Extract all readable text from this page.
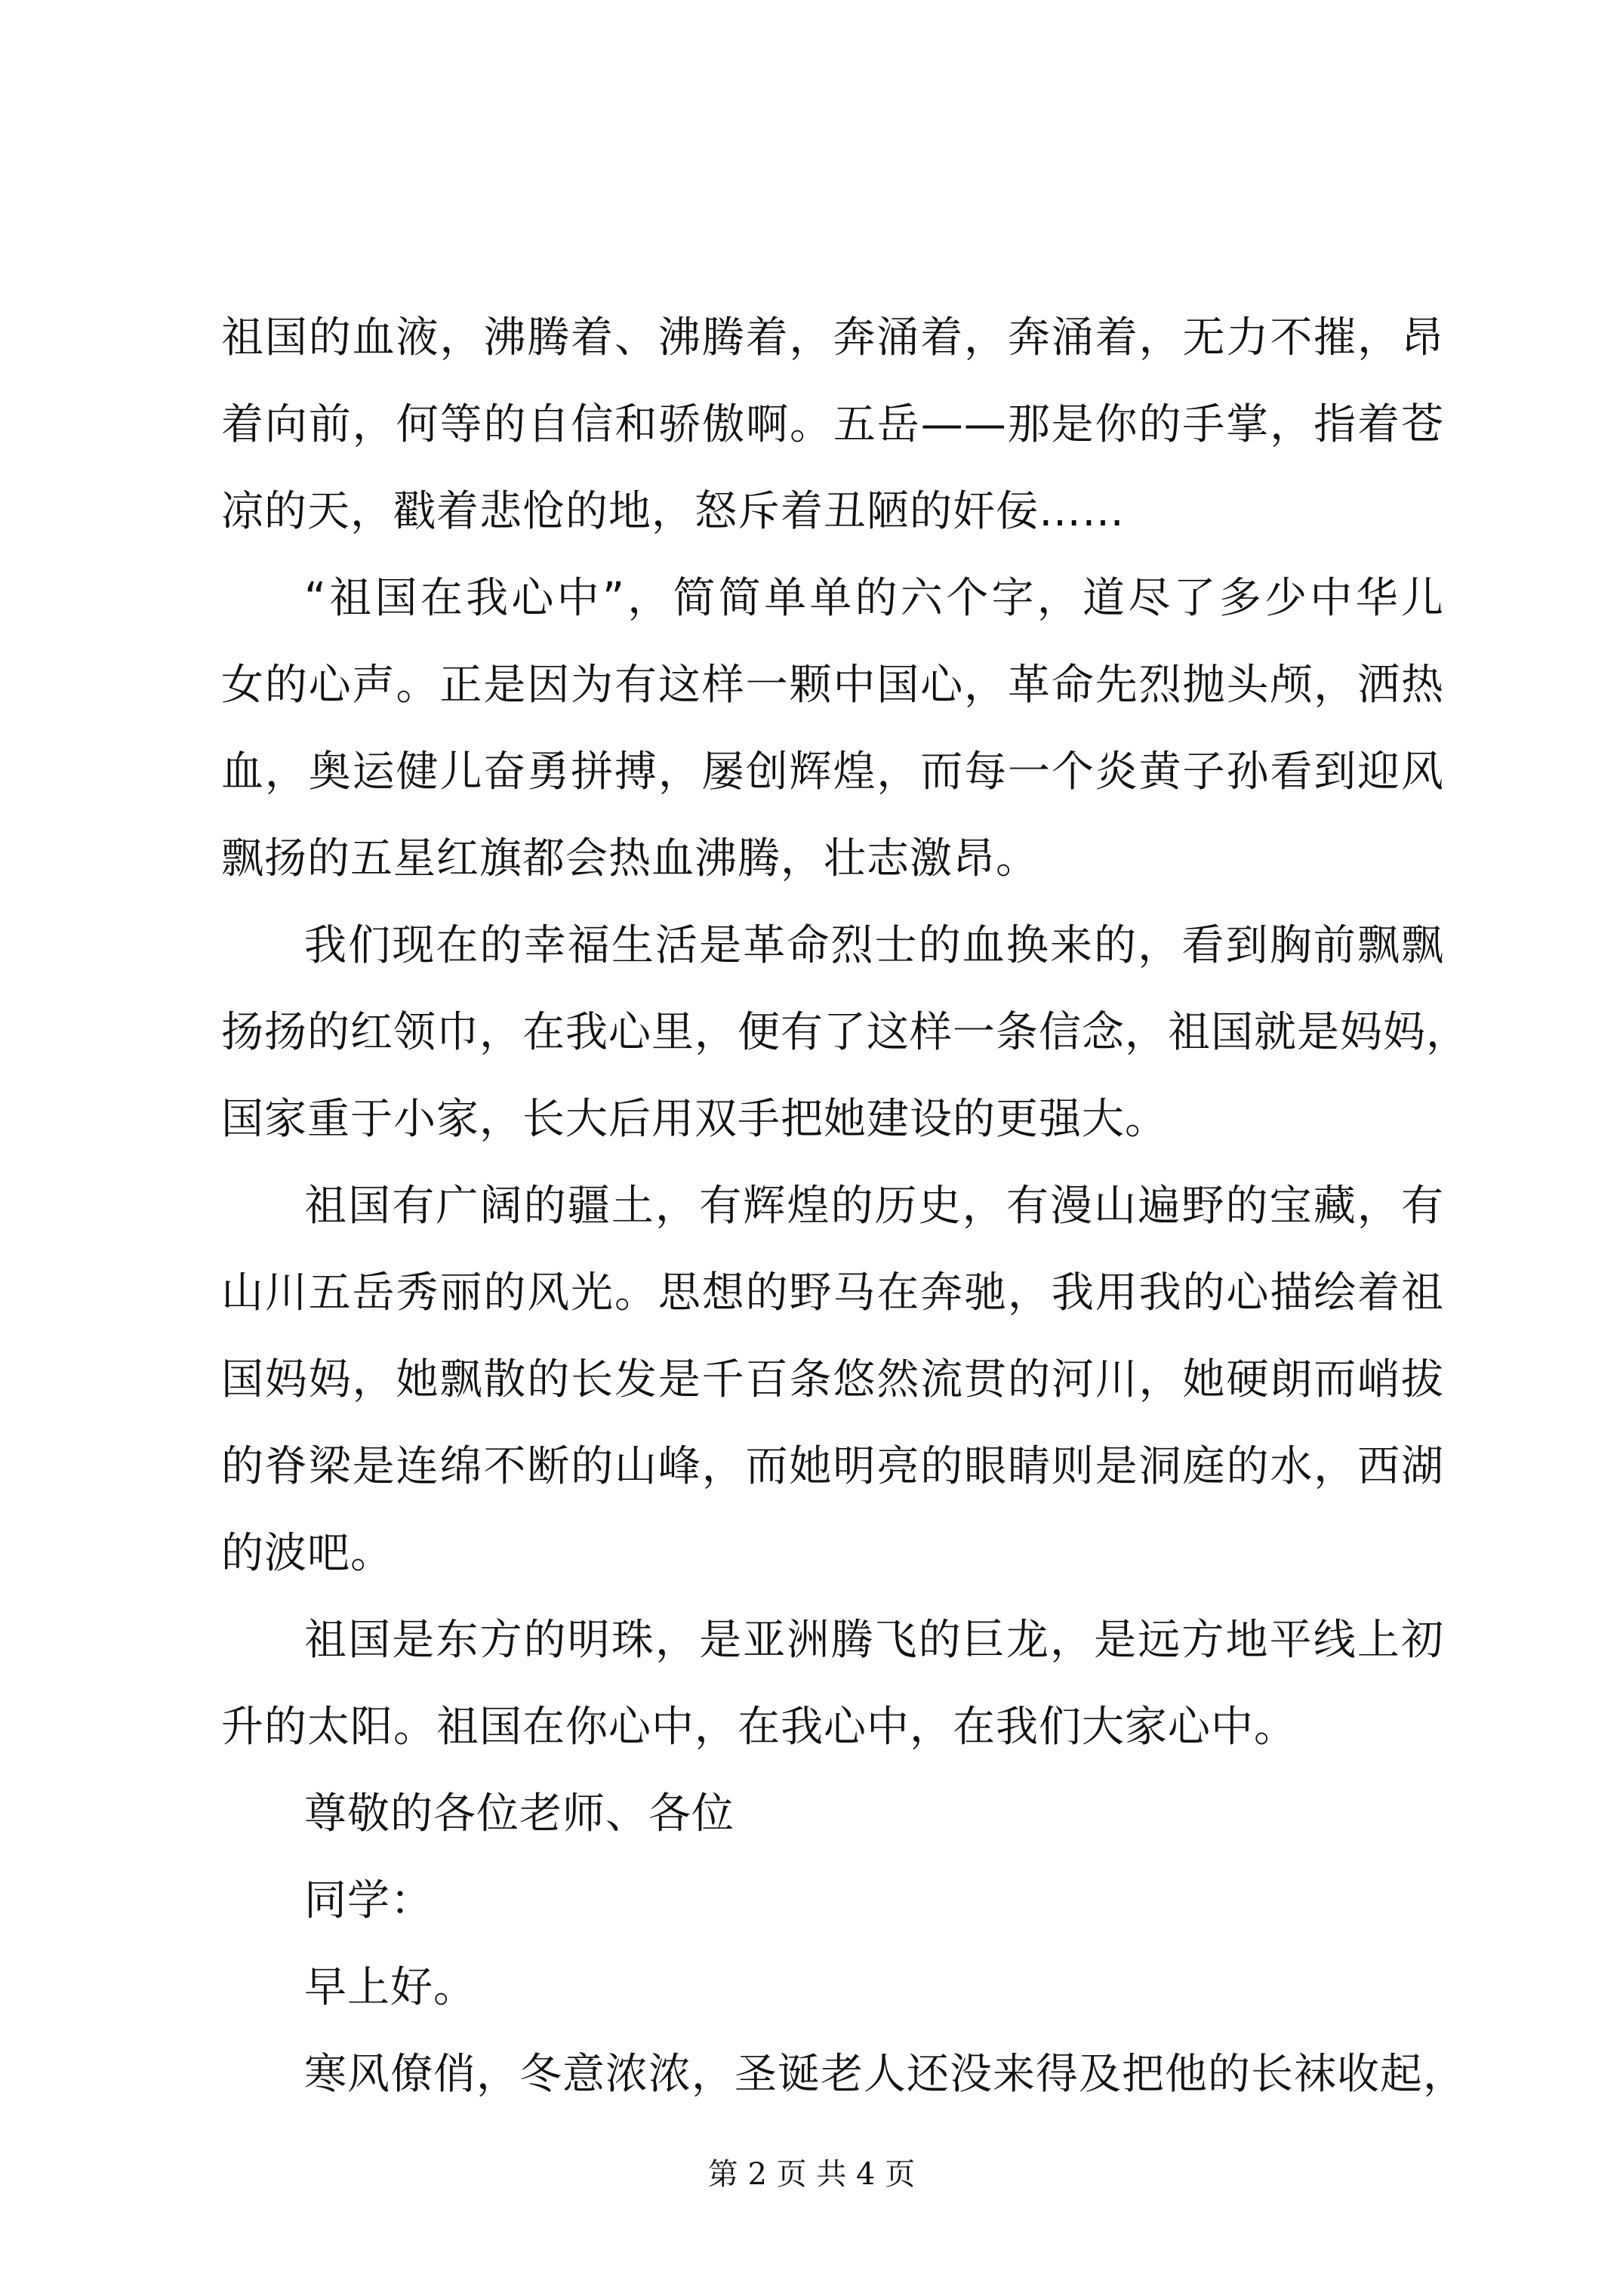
祖国的血液，沸腾着、沸腾着，奔涌着，奔涌着，无力不摧，昂
着向前，何等的自信和骄傲啊。五岳——那是你的手掌，指着苍
凉的天，戳着悲怆的地，怒斥着丑陋的奸佞……
“祖国在我心中”，简简单单的六个字，道尽了多少中华儿
女的心声。正是因为有这样一颗中国心，革命先烈抛头颅，洒热
血，奥运健儿奋勇拼搏，屡创辉煌，而每一个炎黄子孙看到迎风
飘扬的五星红旗都会热血沸腾，壮志激昂。
我们现在的幸福生活是革命烈士的血换来的，看到胸前飘飘
扬扬的红领巾，在我心里，便有了这样一条信念，祖国就是妈妈，
国家重于小家，长大后用双手把她建设的更强大。
祖国有广阔的疆土，有辉煌的历史，有漫山遍野的宝藏，有
山川五岳秀丽的风光。思想的野马在奔驰，我用我的心描绘着祖
国妈妈，她飘散的长发是千百条悠然流贯的河川，她硬朗而峭拔
的脊梁是连绵不断的山峰，而她明亮的眼睛则是洞庭的水，西湖
的波吧。
祖国是东方的明珠，是亚洲腾飞的巨龙，是远方地平线上初
升的太阳。祖国在你心中，在我心中，在我们大家心中。
尊敬的各位老师、各位
同学：
早上好。
寒风僚俏，冬意浓浓，圣诞老人还没来得及把他的长袜收起，
第 2 页 共 4 页
